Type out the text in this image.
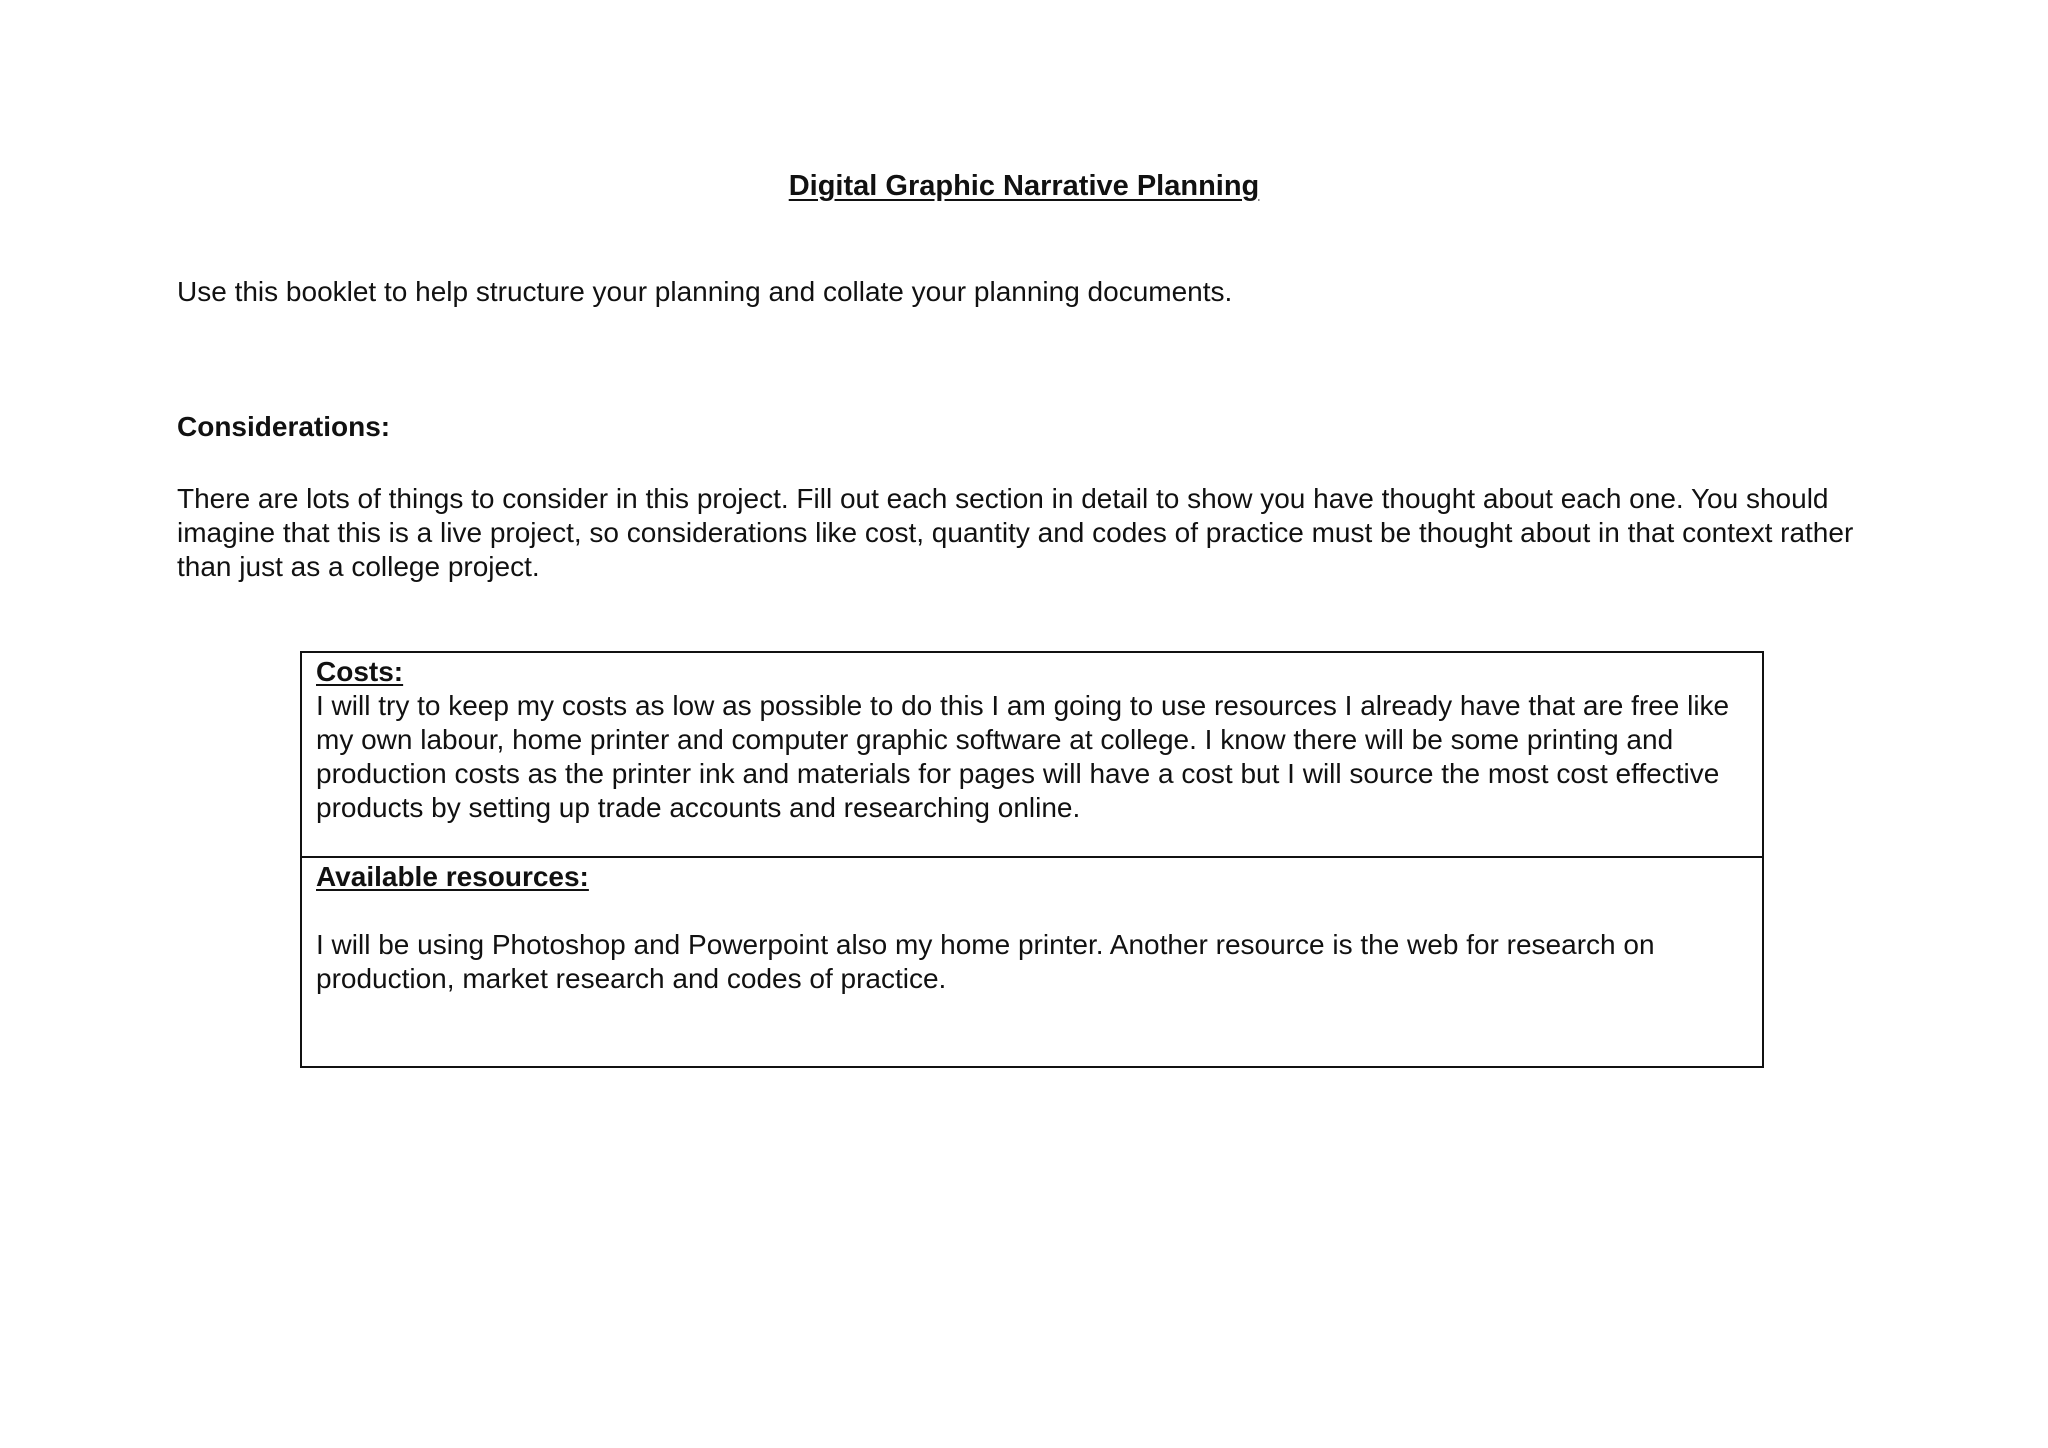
Digital Graphic Narrative Planning

Use this booklet to help structure your planning and collate your planning documents.

Considerations:

There are lots of things to consider in this project. Fill out each section in detail to show you have thought about each one. You should imagine that this is a live project, so considerations like cost, quantity and codes of practice must be thought about in that context rather than just as a college project.

Costs:

I will try to keep my costs as low as possible to do this I am going to use resources I already have that are free like my own labour, home printer and computer graphic software at college. I know there will be some printing and production costs as the printer ink and materials for pages will have a cost but I will source the most cost effective products by setting up trade accounts and researching online.

Available resources:

I will be using Photoshop and Powerpoint also my home printer. Another resource is the web for research on production, market research and codes of practice.
